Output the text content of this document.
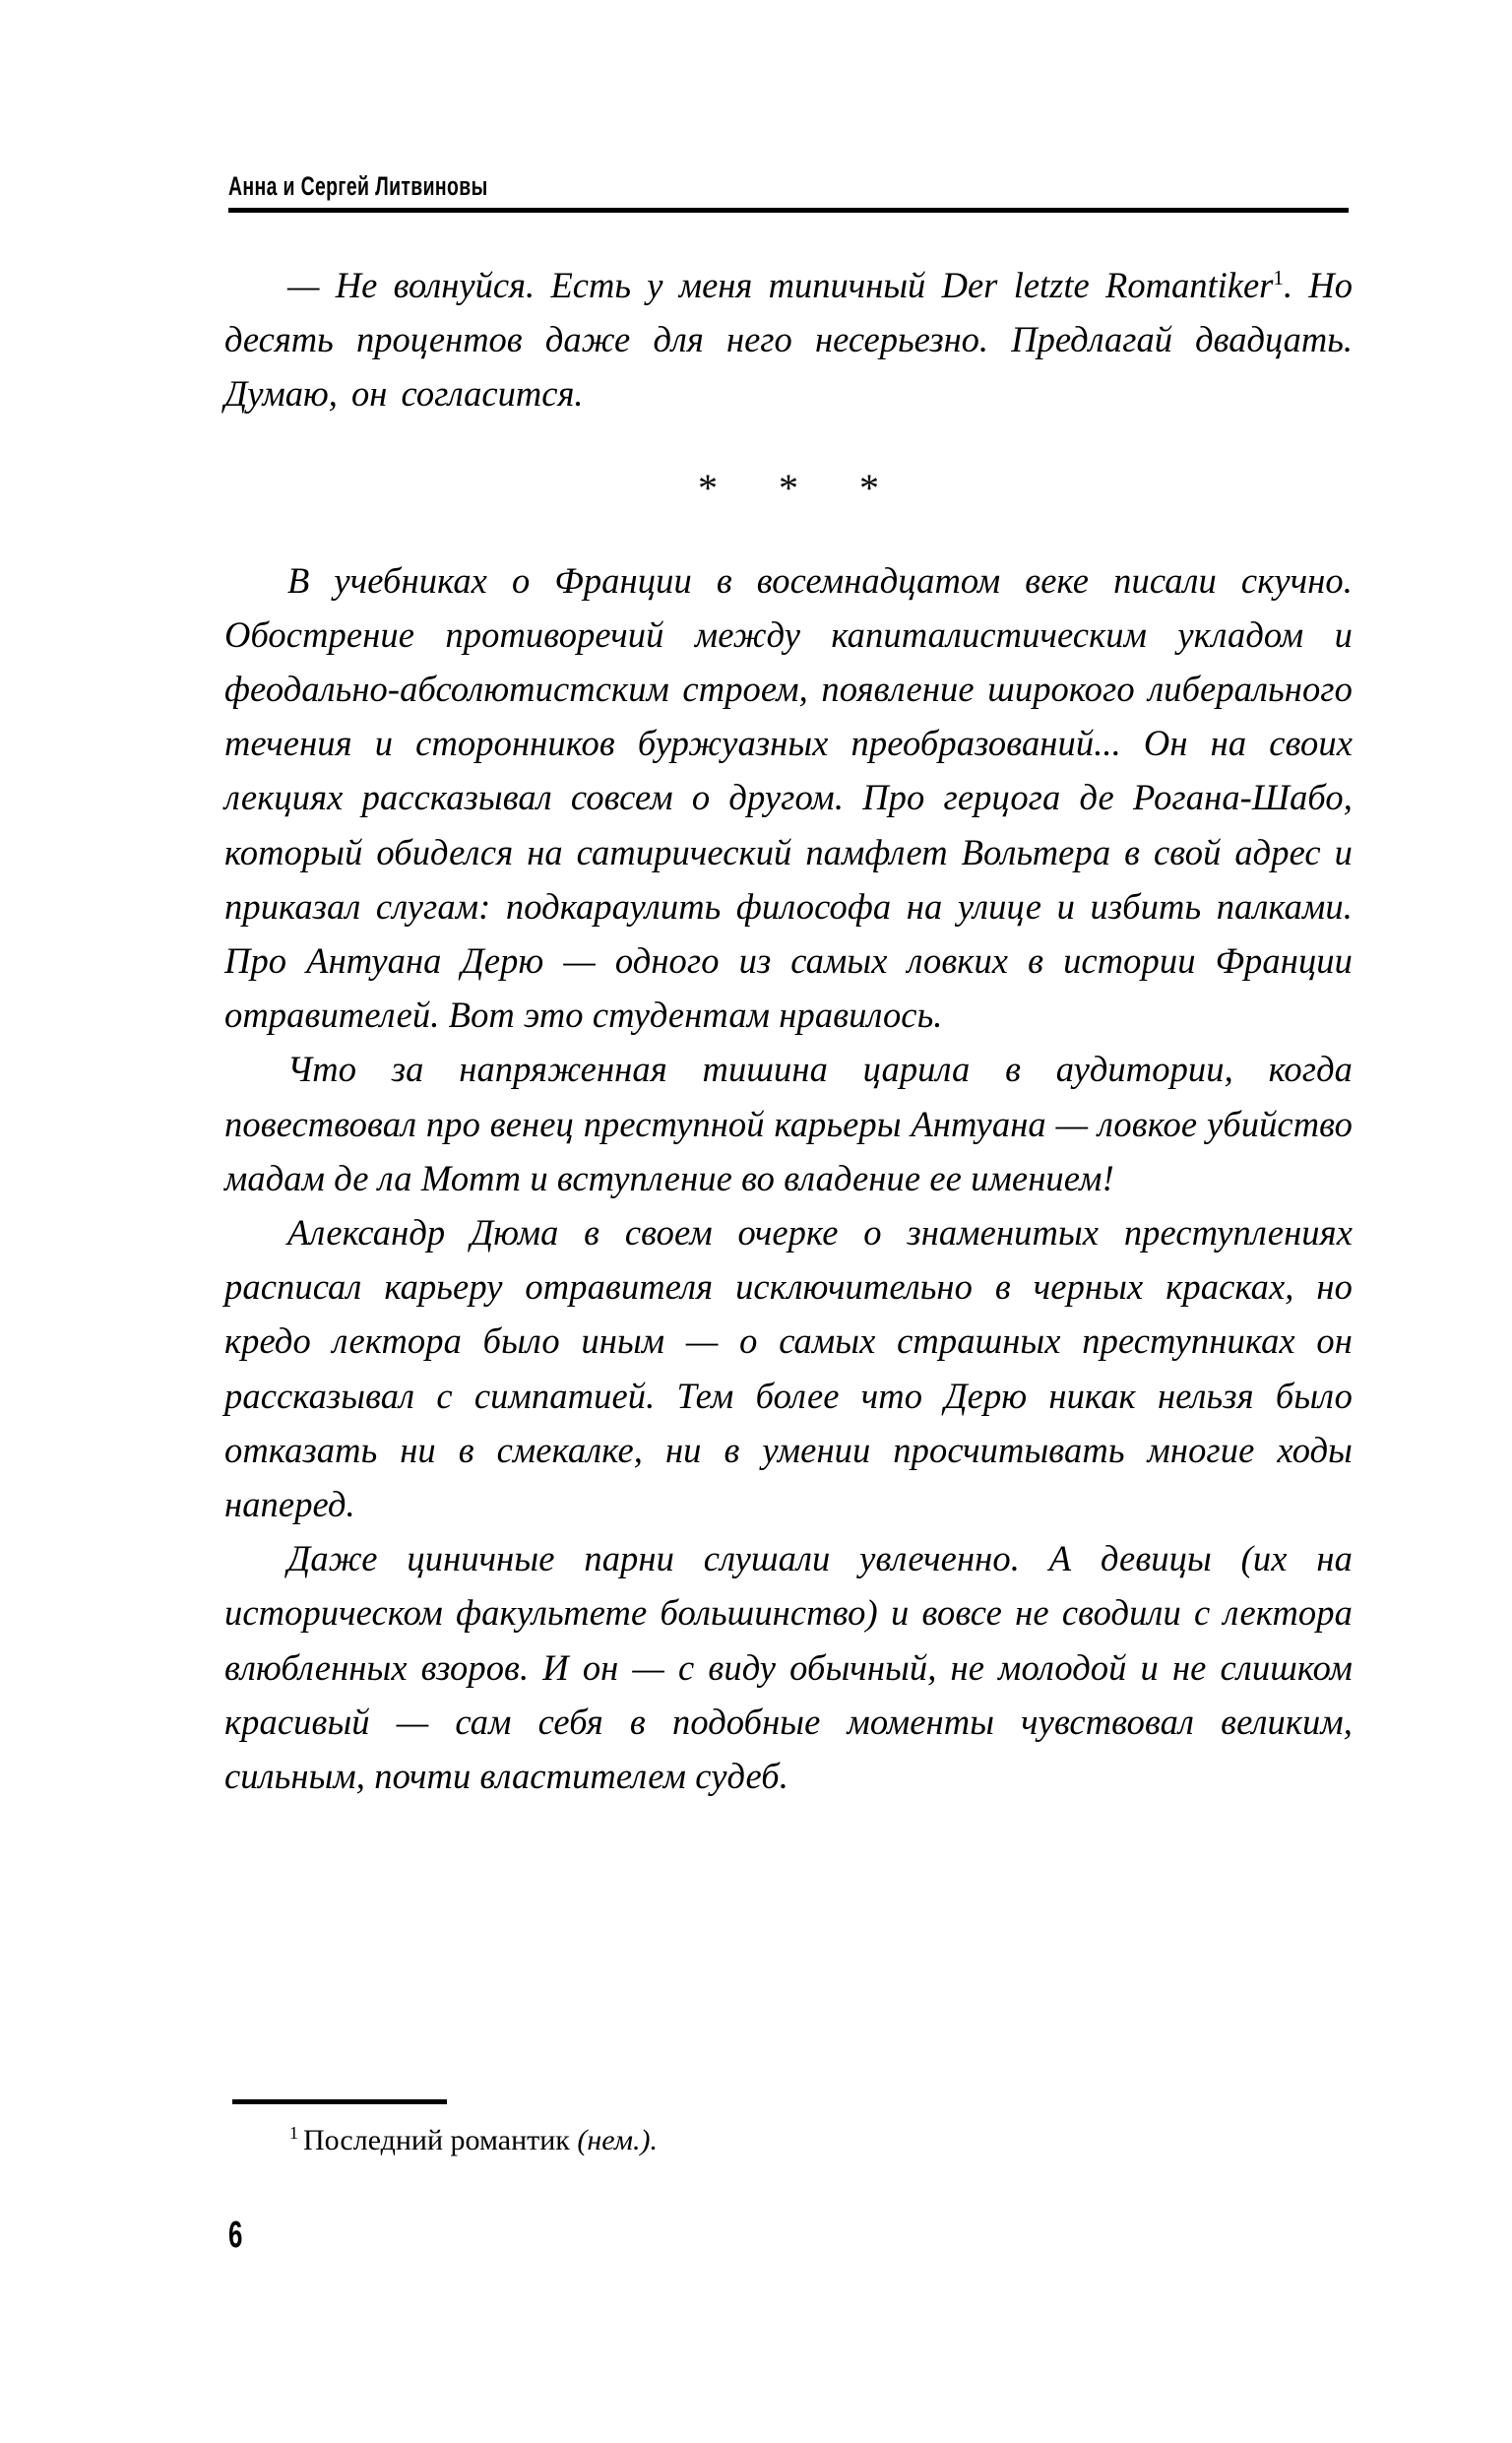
Анна и Сергей Литвиновы

— Не волнуйся. Есть у меня типичный Der letzte Romantiker$^1$. Но десять процентов даже для него несерьезно. Предлагай двадцать. Думаю, он согласится.

* * *

В учебниках о Франции в восемнадцатом веке писали скучно. Обострение противоречий между капиталистическим укладом и феодально-абсолютистским строем, появление широкого либерального течения и сторонников буржуазных преобразований... Он на своих лекциях рассказывал совсем о другом. Про герцога де Рогана-Шабо, который обиделся на сатирический памфлет Вольтера в свой адрес и приказал слугам: подкараулить философа на улице и избить палками. Про Антуана Дерю — одного из самых ловких в истории Франции отравителей. Вот это студентам нравилось.

Что за напряженная тишина царила в аудитории, когда повествовал про венец преступной карьеры Антуана — ловкое убийство мадам де ла Мотт и вступление во владение ее имением!

Александр Дюма в своем очерке о знаменитых преступлениях расписал карьеру отравителя исключительно в черных красках, но кредо лектора было иным — о самых страшных преступниках он рассказывал с симпатией. Тем более что Дерю никак нельзя было отказать ни в смекалке, ни в умении просчитывать многие ходы наперед.

Даже циничные парни слушали увлеченно. А девицы (их на историческом факультете большинство) и вовсе не сводили с лектора влюбленных взоров. И он — с виду обычный, не молодой и не слишком красивый — сам себя в подобные моменты чувствовал великим, сильным, почти властителем судеб.

$^1$ Последний романтик (нем.).
6
